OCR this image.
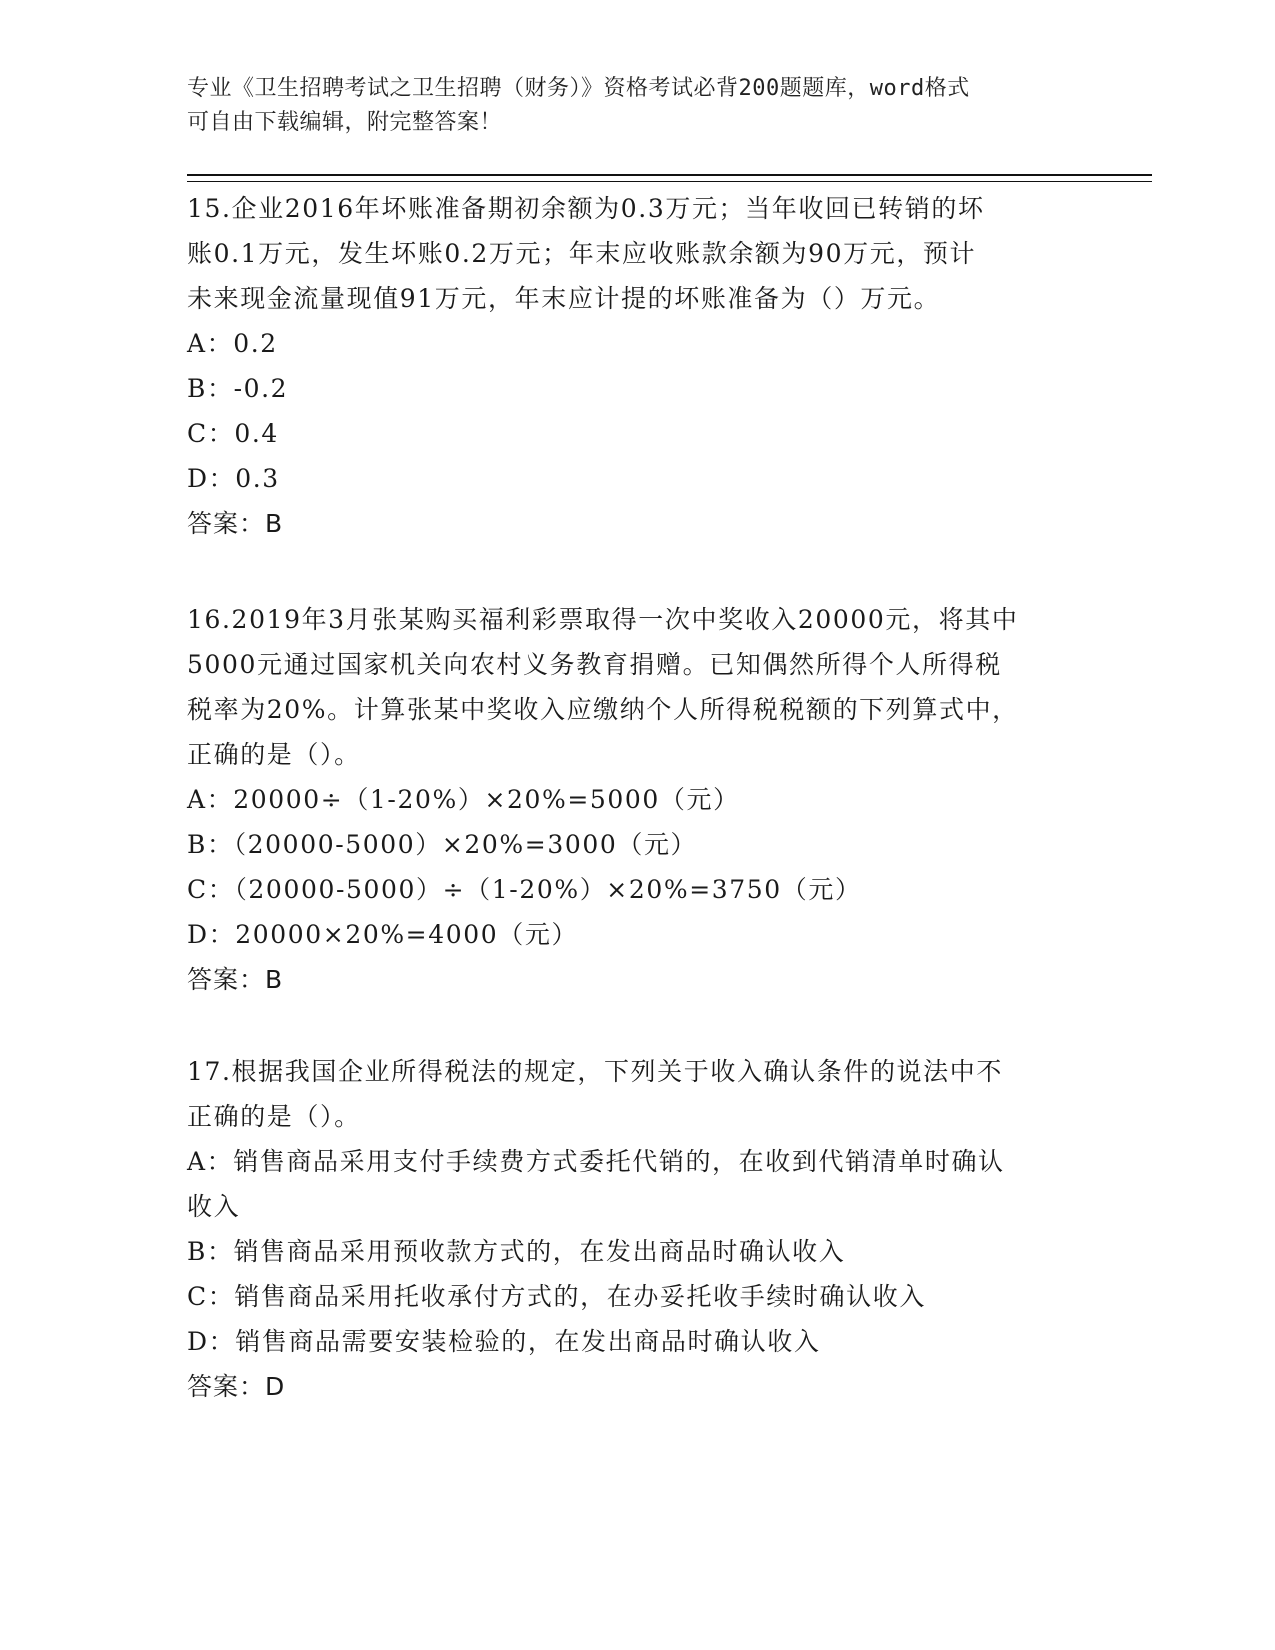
专业《卫生招聘考试之卫生招聘（财务）》资格考试必背200题题库，word格式
可自由下载编辑，附完整答案！

15.企业2016年坏账准备期初余额为0.3万元；当年收回已转销的坏

账0.1万元，发生坏账0.2万元；年末应收账款余额为90万元，预计

未来现金流量现值91万元，年末应计提的坏账准备为（）万元。

A：0.2

B：-0.2

C：0.4

D：0.3

答案：B

16.2019年3月张某购买福利彩票取得一次中奖收入20000元，将其中

5000元通过国家机关向农村义务教育捐赠。已知偶然所得个人所得税

税率为20%。计算张某中奖收入应缴纳个人所得税税额的下列算式中，

正确的是（）。

A：20000÷（1-20%）×20%=5000（元）

B：（20000-5000）×20%=3000（元）

C：（20000-5000）÷（1-20%）×20%=3750（元）

D：20000×20%=4000（元）

答案：B

17.根据我国企业所得税法的规定，下列关于收入确认条件的说法中不

正确的是（）。

A：销售商品采用支付手续费方式委托代销的，在收到代销清单时确认

收入

B：销售商品采用预收款方式的，在发出商品时确认收入

C：销售商品采用托收承付方式的，在办妥托收手续时确认收入

D：销售商品需要安装检验的，在发出商品时确认收入

答案：D
